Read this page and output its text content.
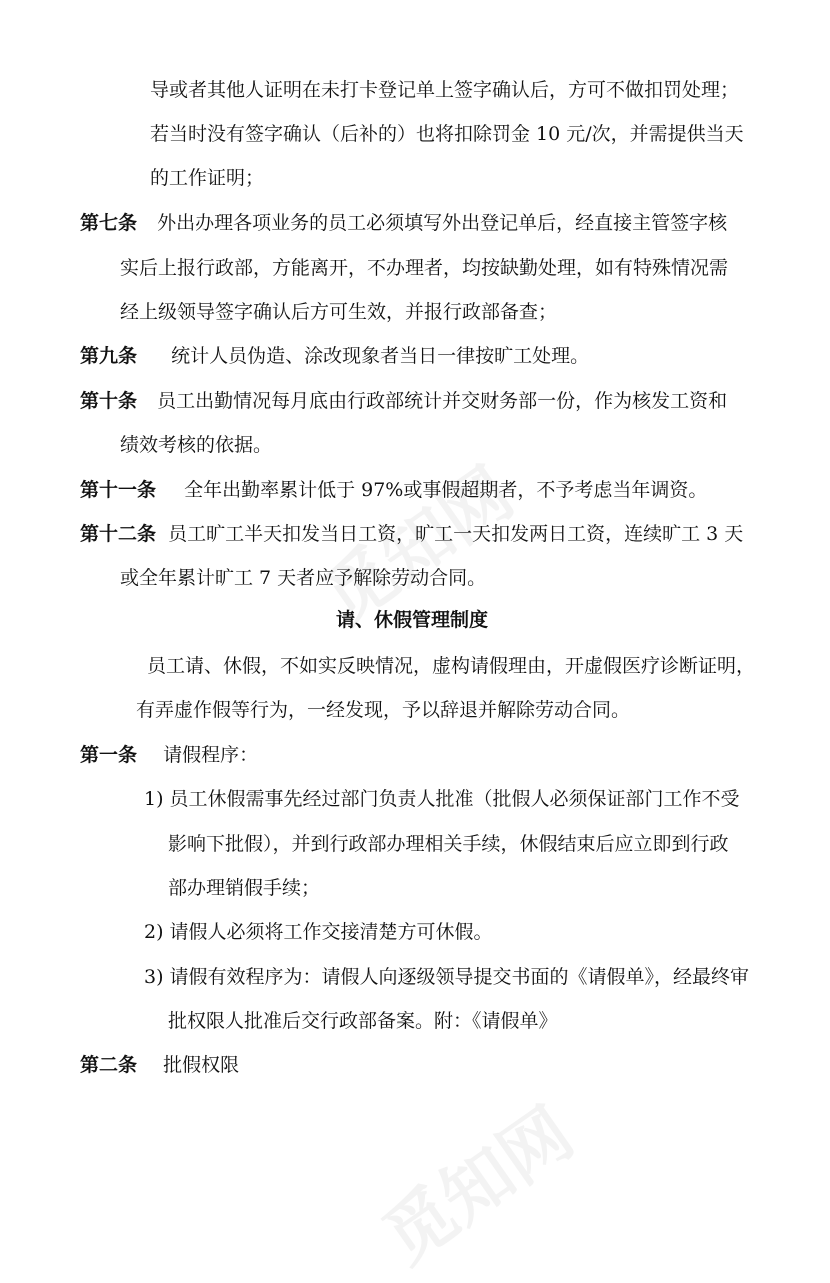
导或者其他人证明在未打卡登记单上签字确认后，方可不做扣罚处理；
若当时没有签字确认（后补的）也将扣除罚金 10 元/次，并需提供当天
的工作证明；
第七条 外出办理各项业务的员工必须填写外出登记单后，经直接主管签字核
实后上报行政部，方能离开，不办理者，均按缺勤处理，如有特殊情况需
经上级领导签字确认后方可生效，并报行政部备查；
第九条 统计人员伪造、涂改现象者当日一律按旷工处理。
第十条 员工出勤情况每月底由行政部统计并交财务部一份，作为核发工资和
绩效考核的依据。
第十一条 全年出勤率累计低于 97%或事假超期者，不予考虑当年调资。
第十二条 员工旷工半天扣发当日工资，旷工一天扣发两日工资，连续旷工 3 天
或全年累计旷工 7 天者应予解除劳动合同。
请、休假管理制度
员工请、休假，不如实反映情况，虚构请假理由，开虚假医疗诊断证明，
有弄虚作假等行为，一经发现，予以辞退并解除劳动合同。
第一条 请假程序：
1) 员工休假需事先经过部门负责人批准（批假人必须保证部门工作不受
影响下批假），并到行政部办理相关手续，休假结束后应立即到行政
部办理销假手续；
2) 请假人必须将工作交接清楚方可休假。
3) 请假有效程序为：请假人向逐级领导提交书面的《请假单》，经最终审
批权限人批准后交行政部备案。附：《请假单》
第二条 批假权限
